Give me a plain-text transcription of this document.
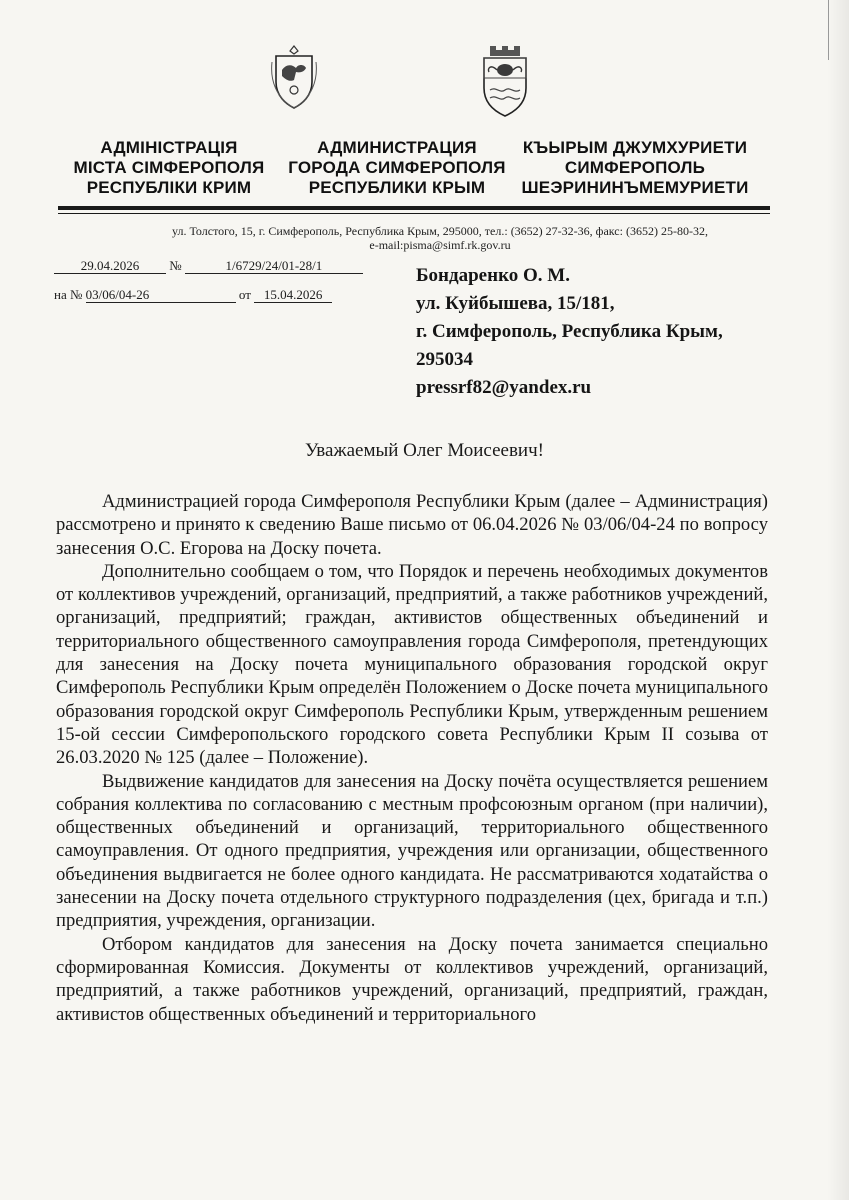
АДМІНІСТРАЦІЯ
МІСТА СІМФЕРОПОЛЯ
РЕСПУБЛІКИ КРИМ
АДМИНИСТРАЦИЯ
ГОРОДА СИМФЕРОПОЛЯ
РЕСПУБЛИКИ КРЫМ
КЪЫРЫМ ДЖУМХУРИЕТИ
СИМФЕРОПОЛЬ
ШЕЭРИНИНЪМЕМУРИЕТИ
ул. Толстого, 15, г. Симферополь, Республика Крым, 295000, тел.: (3652) 27-32-36, факс: (3652) 25-80-32,
e-mail:pisma@simf.rk.gov.ru
29.04.2026 №	1/6729/24/01-28/1
на № 03/06/04-26	от 15.04.2026
Бондаренко О. М.
ул. Куйбышева, 15/181,
г. Симферополь, Республика Крым,
295034
pressrf82@yandex.ru
Уважаемый Олег Моисеевич!

Администрацией города Симферополя Республики Крым (далее – Администрация) рассмотрено и принято к сведению Ваше письмо от 06.04.2026 № 03/06/04-24 по вопросу занесения О.С. Егорова на Доску почета.

Дополнительно сообщаем о том, что Порядок и перечень необходимых документов от коллективов учреждений, организаций, предприятий, а также работников учреждений, организаций, предприятий; граждан, активистов общественных объединений и территориального общественного самоуправления города Симферополя, претендующих для занесения на Доску почета муниципального образования городской округ Симферополь Республики Крым определён Положением о Доске почета муниципального образования городской округ Симферополь Республики Крым, утвержденным решением 15-ой сессии Симферопольского городского совета Республики Крым II созыва от 26.03.2020 № 125 (далее – Положение).

Выдвижение кандидатов для занесения на Доску почёта осуществляется решением собрания коллектива по согласованию с местным профсоюзным органом (при наличии), общественных объединений и организаций, территориального общественного самоуправления. От одного предприятия, учреждения или организации, общественного объединения выдвигается не более одного кандидата. Не рассматриваются ходатайства о занесении на Доску почета отдельного структурного подразделения (цех, бригада и т.п.) предприятия, учреждения, организации.

Отбором кандидатов для занесения на Доску почета занимается специально сформированная Комиссия. Документы от коллективов учреждений, организаций, предприятий, а также работников учреждений, организаций, предприятий, граждан, активистов общественных объединений и территориального
